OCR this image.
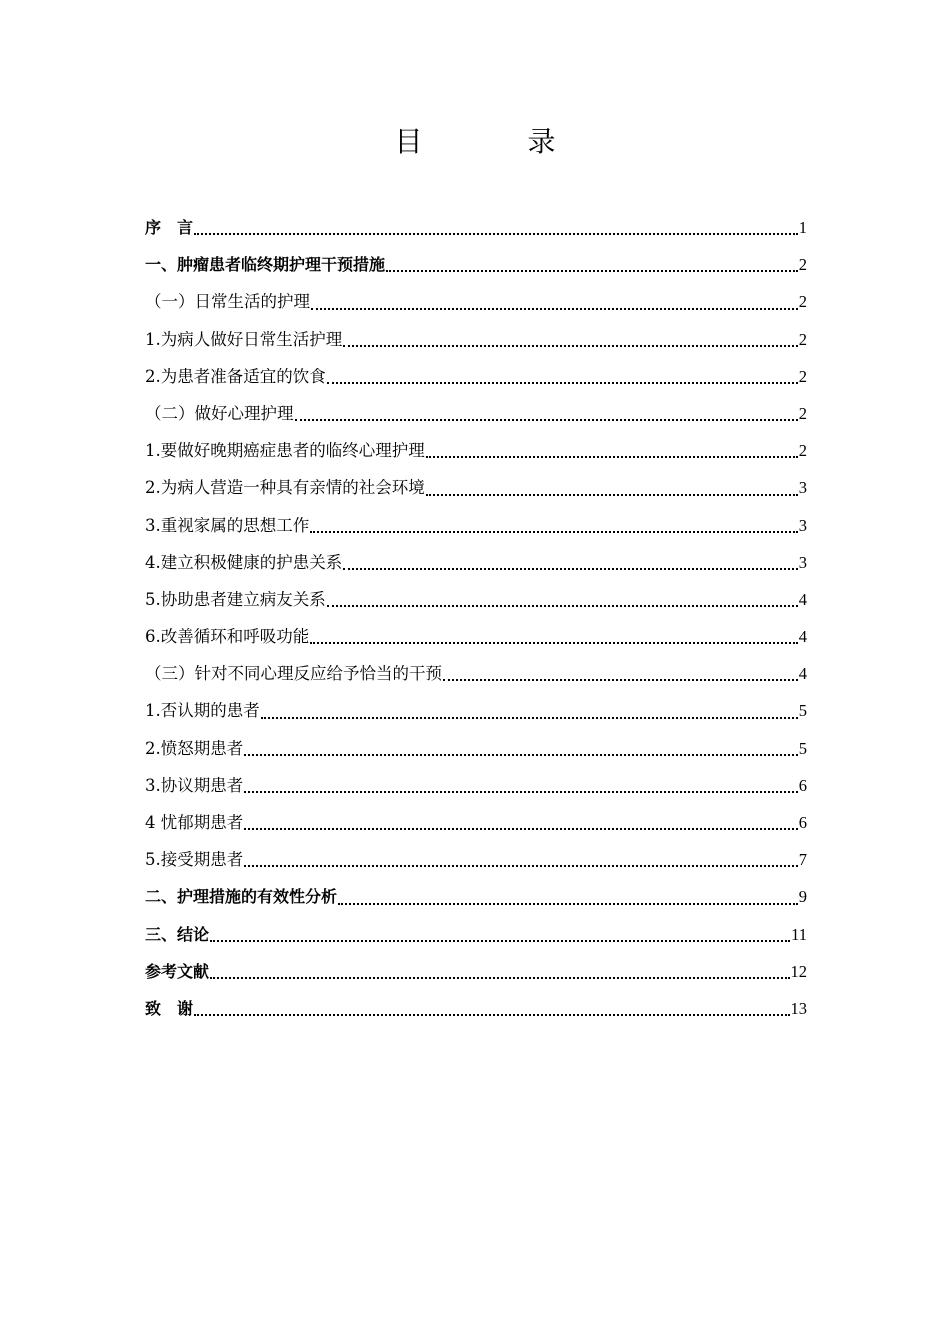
目 录
序　言	1
一、肿瘤患者临终期护理干预措施	2
（一）日常生活的护理	2
1.为病人做好日常生活护理	2
2.为患者准备适宜的饮食	2
（二）做好心理护理	2
1.要做好晚期癌症患者的临终心理护理	2
2.为病人营造一种具有亲情的社会环境	3
3.重视家属的思想工作	3
4.建立积极健康的护患关系	3
5.协助患者建立病友关系	4
6.改善循环和呼吸功能	4
（三）针对不同心理反应给予恰当的干预	4
1.否认期的患者	5
2.愤怒期患者	5
3.协议期患者	6
4 忧郁期患者	6
5.接受期患者	7
二、护理措施的有效性分析	9
三、结论	11
参考文献	12
致　谢	13
